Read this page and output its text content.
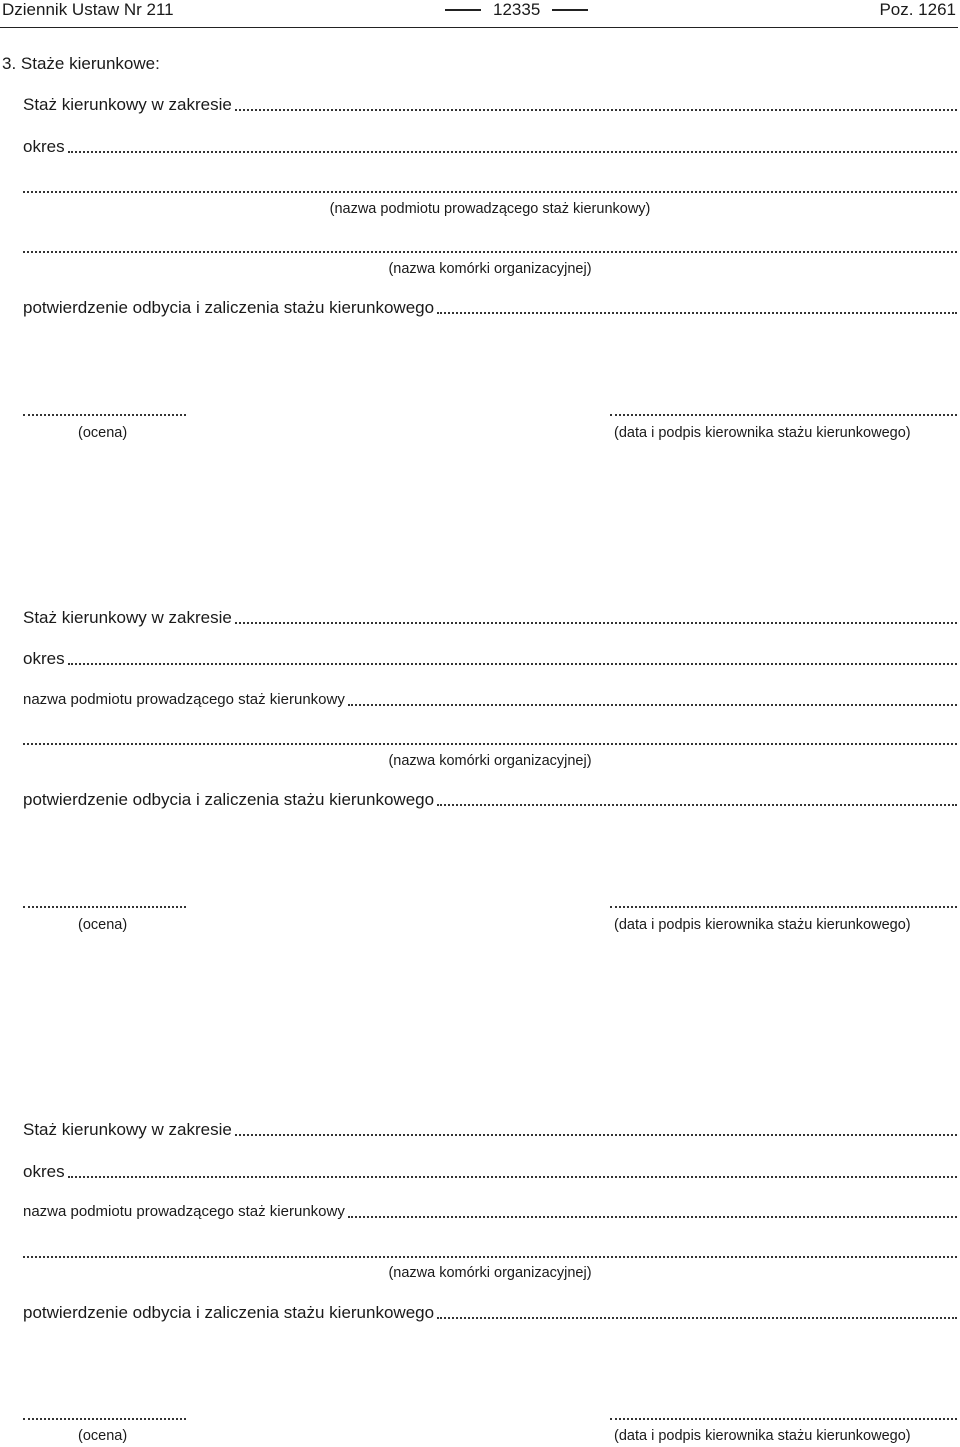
Dziennik Ustaw Nr 211	12335	Poz. 1261
3. Staże kierunkowe:
Staż kierunkowy w zakresie
okres
(nazwa podmiotu prowadzącego staż kierunkowy)
(nazwa komórki organizacyjnej)
potwierdzenie odbycia i zaliczenia stażu kierunkowego
(ocena)	(data i podpis kierownika stażu kierunkowego)
Staż kierunkowy w zakresie
okres
nazwa podmiotu prowadzącego staż kierunkowy
(nazwa komórki organizacyjnej)
potwierdzenie odbycia i zaliczenia stażu kierunkowego
(ocena)	(data i podpis kierownika stażu kierunkowego)
Staż kierunkowy w zakresie
okres
nazwa podmiotu prowadzącego staż kierunkowy
(nazwa komórki organizacyjnej)
potwierdzenie odbycia i zaliczenia stażu kierunkowego
(ocena)	(data i podpis kierownika stażu kierunkowego)
